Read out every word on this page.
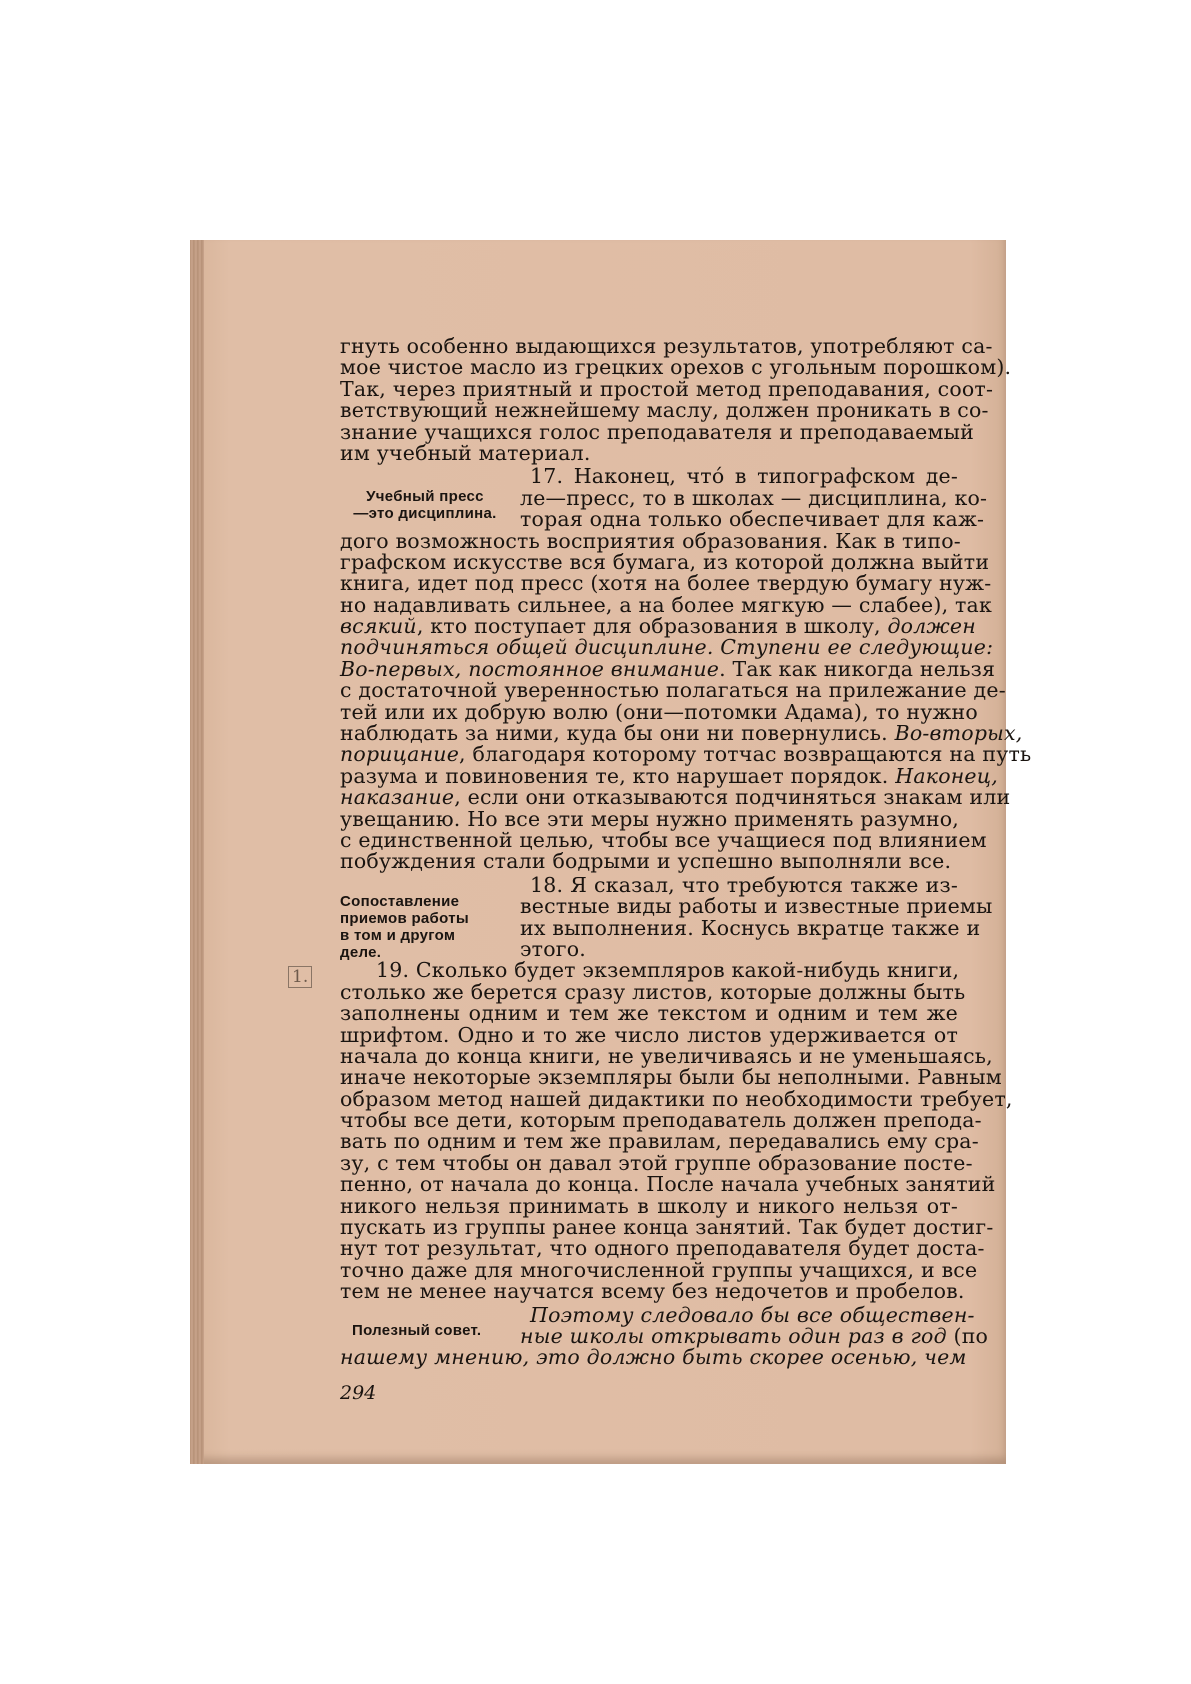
гнуть особенно выдающихся результатов, употребляют са-
мое чистое масло из грецких орехов с угольным порошком).
Так, через приятный и простой метод преподавания, соот-
ветствующий нежнейшему маслу, должен проникать в со-
знание учащихся голос преподавателя и преподаваемый
им учебный материал.
17. Наконец, что́ в типографском де-
ле—пресс, то в школах — дисциплина, ко-
торая одна только обеспечивает для каж-
дого возможность восприятия образования. Как в типо-
графском искусстве вся бумага, из которой должна выйти
книга, идет под пресс (хотя на более твердую бумагу нуж-
но надавливать сильнее, а на более мягкую — слабее), так
всякий, кто поступает для образования в школу, должен
подчиняться общей дисциплине. Ступени ее следующие:
Во-первых, постоянное внимание. Так как никогда нельзя
с достаточной уверенностью полагаться на прилежание де-
тей или их добрую волю (они—потомки Адама), то нужно
наблюдать за ними, куда бы они ни повернулись. Во-вторых,
порицание, благодаря которому тотчас возвращаются на путь
разума и повиновения те, кто нарушает порядок. Наконец,
наказание, если они отказываются подчиняться знакам или
увещанию. Но все эти меры нужно применять разумно,
с единственной целью, чтобы все учащиеся под влиянием
побуждения стали бодрыми и успешно выполняли все.
18. Я сказал, что требуются также из-
вестные виды работы и известные приемы
их выполнения. Коснусь вкратце также и
этого.
19. Сколько будет экземпляров какой-нибудь книги,
столько же берется сразу листов, которые должны быть
заполнены одним и тем же текстом и одним и тем же
шрифтом. Одно и то же число листов удерживается от
начала до конца книги, не увеличиваясь и не уменьшаясь,
иначе некоторые экземпляры были бы неполными. Равным
образом метод нашей дидактики по необходимости требует,
чтобы все дети, которым преподаватель должен препода-
вать по одним и тем же правилам, передавались ему сра-
зу, с тем чтобы он давал этой группе образование посте-
пенно, от начала до конца. После начала учебных занятий
никого нельзя принимать в школу и никого нельзя от-
пускать из группы ранее конца занятий. Так будет достиг-
нут тот результат, что одного преподавателя будет доста-
точно даже для многочисленной группы учащихся, и все
тем не менее научатся всему без недочетов и пробелов.
Поэтому следовало бы все обществен-
ные школы открывать один раз в год (по
нашему мнению, это должно быть скорее осенью, чем
Учебный пресс
—это дисциплина.
Сопоставление
приемов работы
в том и другом
деле.
Полезный совет.
1.
294
